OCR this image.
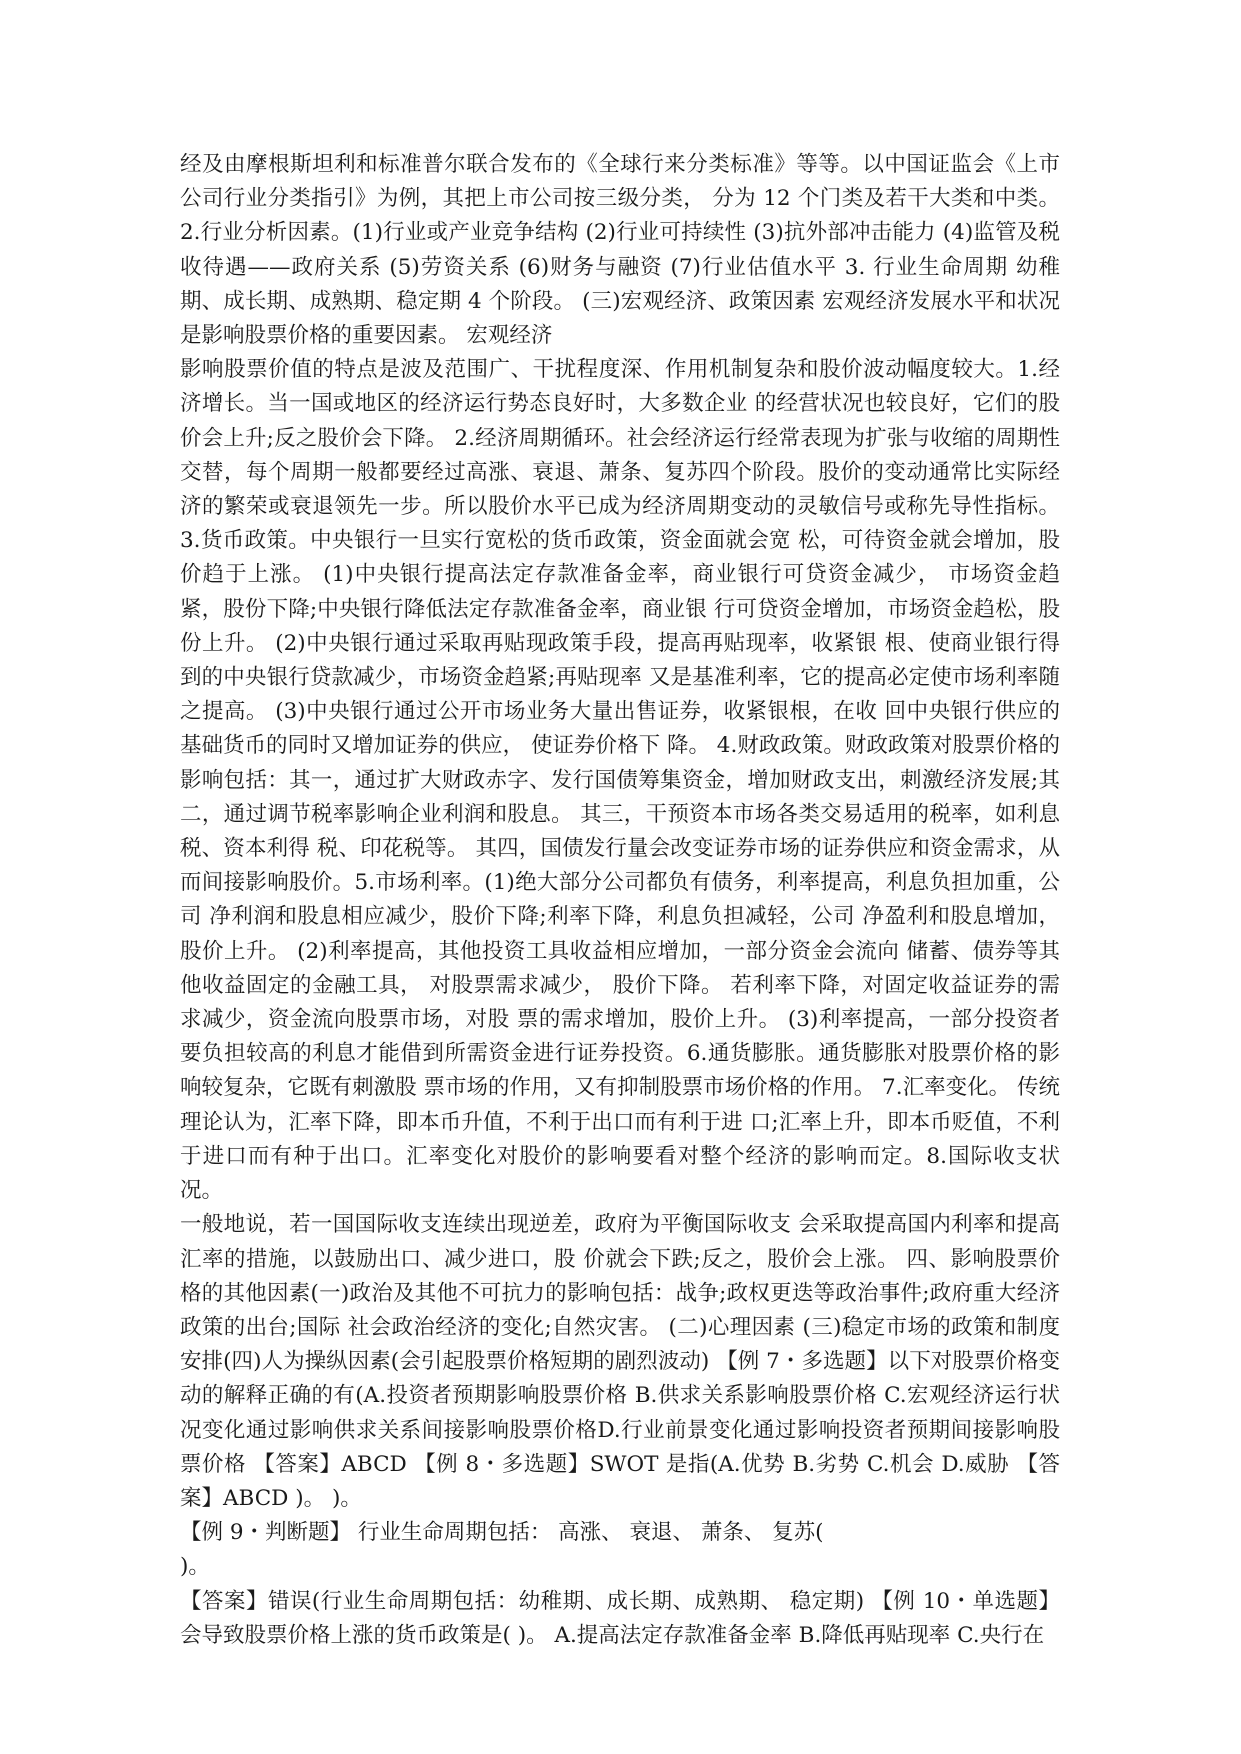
经及由摩根斯坦利和标准普尔联合发布的《全球行来分类标准》等等。以中国证监会《上市公司行业分类指引》为例，其把上市公司按三级分类， 分为 12 个门类及若干大类和中类。2.行业分析因素。(1)行业或产业竞争结构 (2)行业可持续性 (3)抗外部冲击能力 (4)监管及税收待遇——政府关系 (5)劳资关系 (6)财务与融资 (7)行业估值水平 3. 行业生命周期 幼稚期、成长期、成熟期、稳定期 4 个阶段。 (三)宏观经济、政策因素 宏观经济发展水平和状况是影响股票价格的重要因素。 宏观经济

影响股票价值的特点是波及范围广、干扰程度深、作用机制复杂和股价波动幅度较大。1.经济增长。当一国或地区的经济运行势态良好时，大多数企业 的经营状况也较良好，它们的股价会上升;反之股价会下降。 2.经济周期循环。社会经济运行经常表现为扩张与收缩的周期性交替，每个周期一般都要经过高涨、衰退、萧条、复苏四个阶段。股价的变动通常比实际经济的繁荣或衰退领先一步。所以股价水平已成为经济周期变动的灵敏信号或称先导性指标。3.货币政策。中央银行一旦实行宽松的货币政策，资金面就会宽 松，可待资金就会增加，股价趋于上涨。 (1)中央银行提高法定存款准备金率，商业银行可贷资金减少， 市场资金趋紧，股份下降;中央银行降低法定存款准备金率，商业银 行可贷资金增加，市场资金趋松，股份上升。 (2)中央银行通过采取再贴现政策手段，提高再贴现率，收紧银 根、使商业银行得到的中央银行贷款减少，市场资金趋紧;再贴现率 又是基准利率，它的提高必定使市场利率随之提高。 (3)中央银行通过公开市场业务大量出售证券，收紧银根，在收 回中央银行供应的基础货币的同时又增加证券的供应， 使证券价格下 降。 4.财政政策。财政政策对股票价格的影响包括：其一，通过扩大财政赤字、发行国债筹集资金，增加财政支出，刺激经济发展;其二，通过调节税率影响企业利润和股息。 其三，干预资本市场各类交易适用的税率，如利息税、资本利得 税、印花税等。 其四，国债发行量会改变证券市场的证券供应和资金需求，从而间接影响股价。5.市场利率。(1)绝大部分公司都负有债务，利率提高，利息负担加重，公司 净利润和股息相应减少，股价下降;利率下降，利息负担减轻，公司 净盈利和股息增加，股价上升。 (2)利率提高，其他投资工具收益相应增加，一部分资金会流向 储蓄、债券等其他收益固定的金融工具， 对股票需求减少， 股价下降。 若利率下降，对固定收益证券的需求减少，资金流向股票市场，对股 票的需求增加，股价上升。 (3)利率提高，一部分投资者要负担较高的利息才能借到所需资金进行证券投资。6.通货膨胀。通货膨胀对股票价格的影响较复杂，它既有刺激股 票市场的作用，又有抑制股票市场价格的作用。 7.汇率变化。 传统理论认为，汇率下降，即本币升值，不利于出口而有利于进 口;汇率上升，即本币贬值，不利于进口而有种于出口。汇率变化对股价的影响要看对整个经济的影响而定。8.国际收支状况。

一般地说，若一国国际收支连续出现逆差，政府为平衡国际收支 会采取提高国内利率和提高汇率的措施，以鼓励出口、减少进口，股 价就会下跌;反之，股价会上涨。 四、影响股票价格的其他因素(一)政治及其他不可抗力的影响包括：战争;政权更迭等政治事件;政府重大经济政策的出台;国际 社会政治经济的变化;自然灾害。 (二)心理因素 (三)稳定市场的政策和制度安排(四)人为操纵因素(会引起股票价格短期的剧烈波动) 【例 7・多选题】以下对股票价格变动的解释正确的有(A.投资者预期影响股票价格 B.供求关系影响股票价格 C.宏观经济运行状况变化通过影响供求关系间接影响股票价格D.行业前景变化通过影响投资者预期间接影响股票价格 【答案】ABCD 【例 8・多选题】SWOT 是指(A.优势 B.劣势 C.机会 D.威胁 【答案】ABCD )。 )。

【例 9・判断题】 行业生命周期包括： 高涨、 衰退、 萧条、 复苏(

)。

【答案】错误(行业生命周期包括：幼稚期、成长期、成熟期、 稳定期) 【例 10・单选题】会导致股票价格上涨的货币政策是( )。 A.提高法定存款准备金率 B.降低再贴现率 C.央行在
